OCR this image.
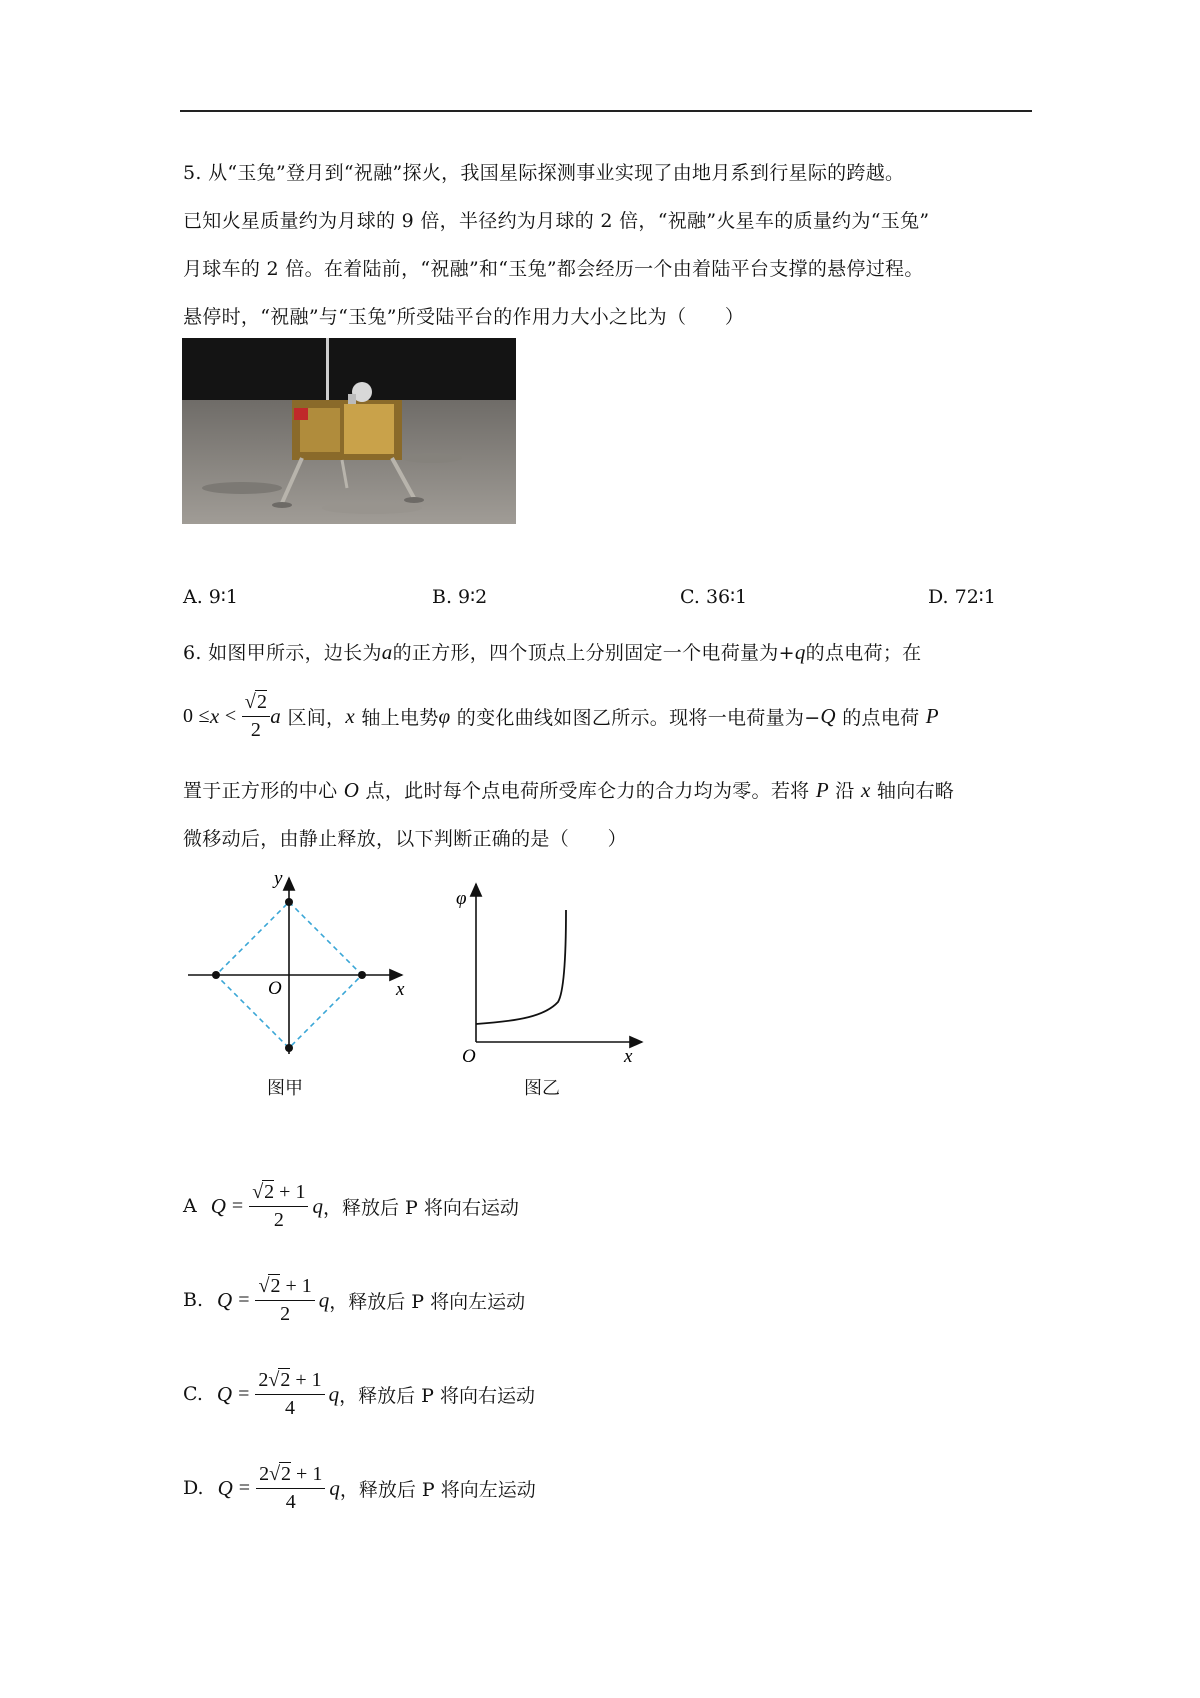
5. 从“玉兔”登月到“祝融”探火，我国星际探测事业实现了由地月系到行星际的跨越。
已知火星质量约为月球的 9 倍，半径约为月球的 2 倍，“祝融”火星车的质量约为“玉兔”
月球车的 2 倍。在着陆前，“祝融”和“玉兔”都会经历一个由着陆平台支撑的悬停过程。
悬停时，“祝融”与“玉兔”所受陆平台的作用力大小之比为（　　）
A. 9∶1	B. 9∶2	C. 36∶1	D. 72∶1
6. 如图甲所示，边长为a的正方形，四个顶点上分别固定一个电荷量为+q的点电荷；在
$0 \le x < \frac{√2}{2}$ a 区间， x 轴上电势 φ 的变化曲线如图乙所示。现将一电荷量为− Q 的点电荷 P
置于正方形的中心 O 点，此时每个点电荷所受库仑力的合力均为零。若将 P 沿 x 轴向右略
微移动后，由静止释放，以下判断正确的是（　　）
y
x
O
图甲
φ
x
O
图乙
A $Q = \frac{√2 + 1}{2}$ q ，释放后 P 将向右运动
B. $Q = \frac{√2 + 1}{2}$ q ，释放后 P 将向左运动
C. $Q = \frac{2√2 + 1}{4}$ q ，释放后 P 将向右运动
D. $Q = \frac{2√2 + 1}{4}$ q ，释放后 P 将向左运动
